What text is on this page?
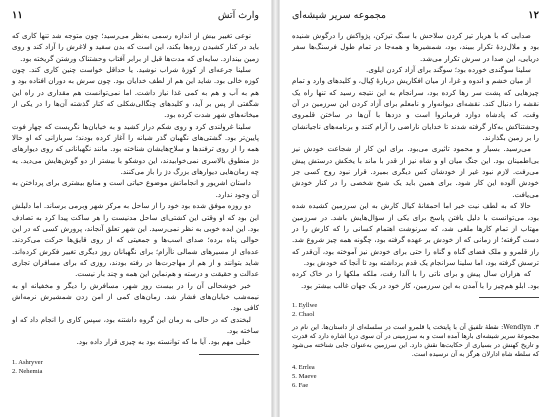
وارث آتش
۱۱

نوعی تغییر بیش از اندازه رسمی به‌نظر می‌رسید؛ چون متوجه شد تنها کاری که باید در کنار کشیدن زره‌ها بکند، این است که بدن سفید و لاغرش را آزاد کند و روی زمین بیندازد. سایه‌ای که مدت‌ها قبل از برابر آفتاب وحشتناک ورشتن گریخته بود.

سلینا جرعه‌ای از کوزهٔ شراب نوشید. یا حداقل خواست چنین کاری کند. چون کوزه خالی بود. شاید این هم از لطف خدایان بود. چون سرش به دوران افتاده بود و هم به آب و هم به کمی غذا نیاز داشت. اما نمی‌توانست هم مقداری در راه این شگفتی از پس بر آید، و کلیدهای چنگالی‌شکلی که کنار گذشته آن‌ها را در یکی از میخانه‌های شهر شدت کرده بود.

سلینا غرولندی کرد و روی شکم دراز کشید و به خیابان‌ها نگریست که چهار فوت پایین‌تر بود. گشتی‌های نگهبان گذر شبانه را آغاز کرده بودند؛ سربازانی که او حالا همه را از روی ترفندها و سلاح‌هایشان شناخته بود. مانند نگهبانانی که روی دیوارهای دژ منطوق بالاسری نمی‌خوابیدند، این دوشکو با بیشتر از دو گوش‌هایش می‌دید. یه چه زمان‌هایی دیوارهای بزرگ دژ را باز می‌کنند.

داستان اشریور و انجاماتش موضوع حیاتی است و منابع بیشتری برای پرداختن به آن وجود ندارد.

دو روزه موفق شده بود خود را از ساحل به مرکز شهر وبرمی برساند. اما دلیلش این بود که او وقتی این کشتی‌ای ساحل مدنیست را هر ساکت پیدا کرد به تصادف بود. این ایده خوبی به نظر نمی‌رسید. این شهر تعلق آنجاند، پرورش کسی که در این حوالی پناه برده؛ صدای اسب‌ها و جمعیتی که از روی قایق‌ها حرکت می‌کردند. عده‌ای از مسیرهای شمالی ناآرام؛ برای نگهبانان روز دیگری تغییر فکرش کرده‌اند. شاید بتوانند و از هم از مهاجرت‌ها در رفته بودند، روزی که برای مسافران تجاری عدالت و حقیقت و درسته و هم‌نماین این همه و چند بار نیست.

خبر خوشحالی آن را در بیست روز شهر، مسافرش را دیگر و مخفیانه او به نیمه‌شب خیابان‌های فشار شد. زمان‌های کمی از امن زدن شمشیرش نرمه‌اش کافی بود.

لبخندی که در حالی به زمان این گروه داشتنه بود، سپس کاری را انجام داد که او ساخته بود.

خیلی مهم بود. آیا ما که توانسته بود به چیزی قرار داده بود.

1. Ashryver
2. Nehemia
۱۲
مجموعه سریر شیشه‌ای

صدایی که با هربار تیز کردن سلاحش با سنگ تیزکن، پژواکش را درگوش شنیده بود و ملال‌زدهٔ تکرار ببیند، بود، شمشیرها و همه‌جا در تمام طول فرسنگ‌ها سفر دریایی، این صدا در سرش تکرار می‌شد.

سلینا سوگندی خورده بود؛ سوگند برای آزاد کردن ایلوی.

از میان خشم و اندوه و غزا، از میان افکاریش دربارهٔ کِیال، و کلیدهای وارد و تمام چیزهایی که پشت سر رها کرده بود، سرانجام به این نتیجه رسید که تنها راه یک نقشه را دنبال کند. نقشه‌ای دیوانه‌وار و نامعلم برای آزاد کردن این سرزمین در آن وقت، که پادشاه دوازد فرمانروا است و دزدها با آن‌ها در ساختن قلمروی وحشتناکش به‌کار گرفته شدند تا خدایان ناراضی را آرام کنند و برنامه‌های ناجیانشان را بر زمین بگذارند.

می‌رسید. بسیار و محمود تاثیری می‌بود. برای این کار از شجاعت خودش نیز بی‌اطمینان بود. این جنگ میان او و شاه نیز از قدر با ماند با یخکش درستش پیش می‌رفت. لازم نبود غیر از خودشان کس دیگری بمیرد. قرار نبود روح کسی جز خودش آلوده این کار شود. برای همین باید یک شیخ شخصی را در کنار خودش می‌یافت.

حالا که به لطف نیت خیر اما احمقانهٔ کیال کارش به این سرزمین کشیده شده بود، می‌توانست با دلیل یافتن پاسخ برای یکی از سؤال‌هایش باشد. در سرزمین مهتاب از تمام کارها ملغی شد، که سرنوشت اهتمام کسانی را که کارش را در دست گرفته؛ از زمانی که از خودش بر عهده گرفته بود، چگونه همه چیز شروع شد. راز قلمرو و ملک فضای گناه و گناه را حتی برای خودش نیز آموخته بود، آن‌قدر که ترسش گرفته بود، اما سلینا سرانجام یک قدم برداشته بود تا آنجا که خودش بود.

که هزاران سال پیش و برای ناتی را با آلدا رفت، ملکه ملکها را در خاک کرده بود. ابلو هم‌چیز را با آمدن به این سرزمین، کار خود در یک جهان غالب بیشتر بود.

1. Eyllwe
2. Chaol

۳. Wendlyn: نقطهٔ تلفیق آن با پایتخت یا قلمرو است در سلسله‌ای از داستان‌ها. این نام در مجموعهٔ سریر شیشه‌ای بارها آمده است و به سرزمینی در آن سوی دریا اشاره دارد که قدرت و تاریخ کهنش در بسیاری از حکایت‌ها نقش دارد. این سرزمین به‌عنوان جایی شناخته می‌شود که سلطه شاه ادارلان هرگز به آن نرسیده است.

4. Errlea
5. Maeve
6. Fae
